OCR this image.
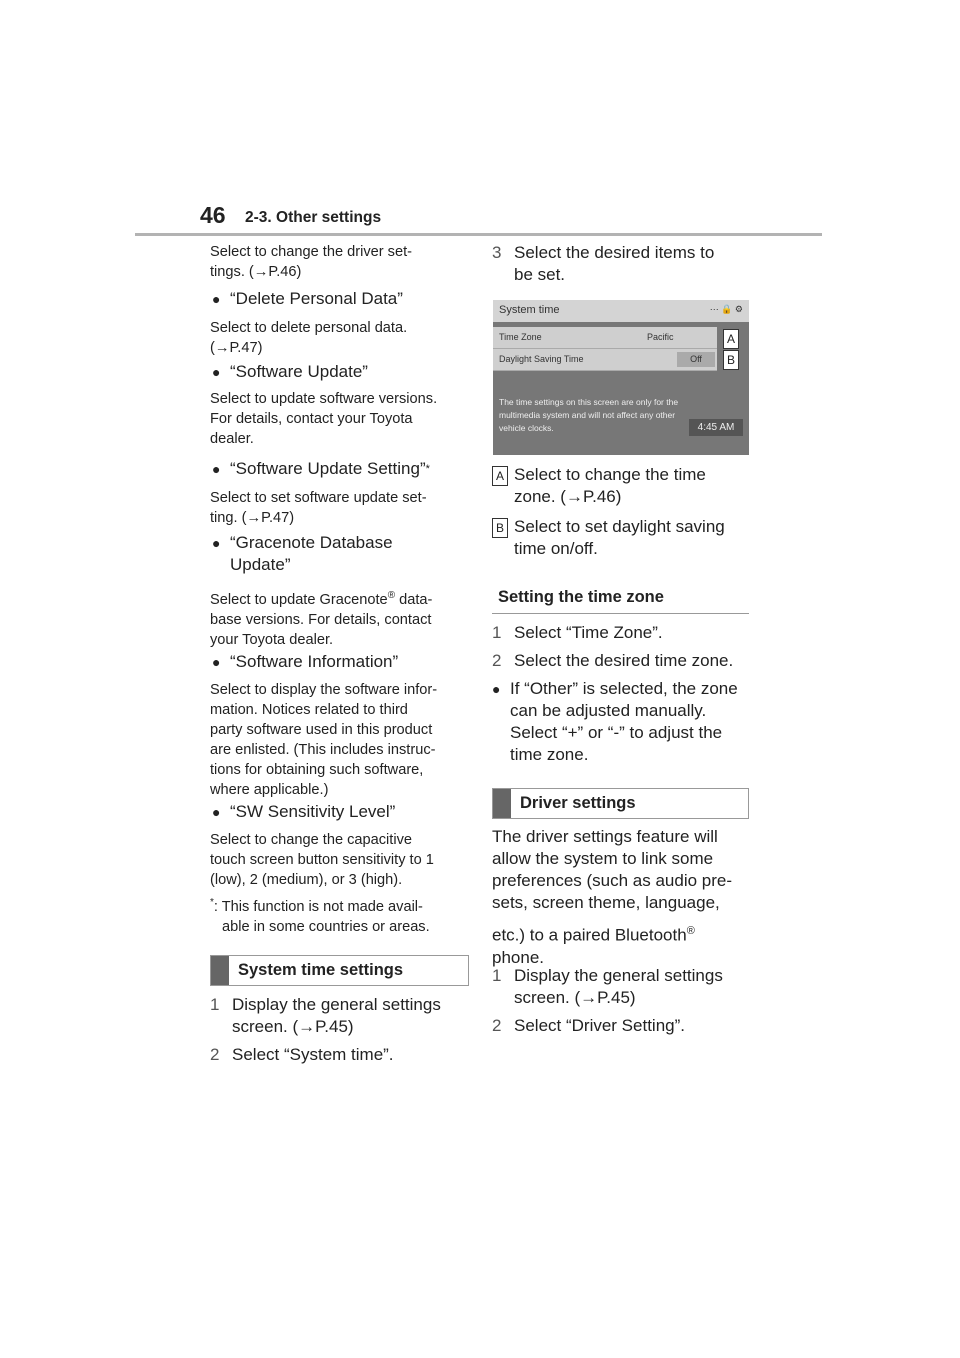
46 2-3. Other settings
Select to change the driver set-
tings. (→P.46)
● “Delete Personal Data”
Select to delete personal data.
(→P.47)
● “Software Update”
Select to update software versions.
For details, contact your Toyota
dealer.
● “Software Update Setting” *
Select to set software update set-
ting. (→P.47)
● “Gracenote Database
Update”
Select to update Gracenote® data-
base versions. For details, contact
your Toyota dealer.
● “Software Information”
Select to display the software infor-
mation. Notices related to third
party software used in this product
are enlisted. (This includes instruc-
tions for obtaining such software,
where applicable.)
● “SW Sensitivity Level”
Select to change the capacitive
touch screen button sensitivity to 1
(low), 2 (medium), or 3 (high).
*: This function is not made avail-
able in some countries or areas.
System time settings
1 Display the general settings
screen. (→P.45)
2 Select “System time”.
3 Select the desired items to
be set.
System time	⋯ 🔒 ⚙
Time Zone	Pacific
Daylight Saving Time	Off
The time settings on this screen are only for the multimedia system and will not affect any other vehicle clocks.	4:45 AM
A
B
A Select to change the time
zone. (→P.46)
B Select to set daylight saving
time on/off.
Setting the time zone
1 Select “Time Zone”.
2 Select the desired time zone.
● If “Other” is selected, the zone
can be adjusted manually.
Select “+” or “-” to adjust the
time zone.
Driver settings
The driver settings feature will
allow the system to link some
preferences (such as audio pre-
sets, screen theme, language,
etc.) to a paired Bluetooth®
phone.
1 Display the general settings
screen. (→P.45)
2 Select “Driver Setting”.
